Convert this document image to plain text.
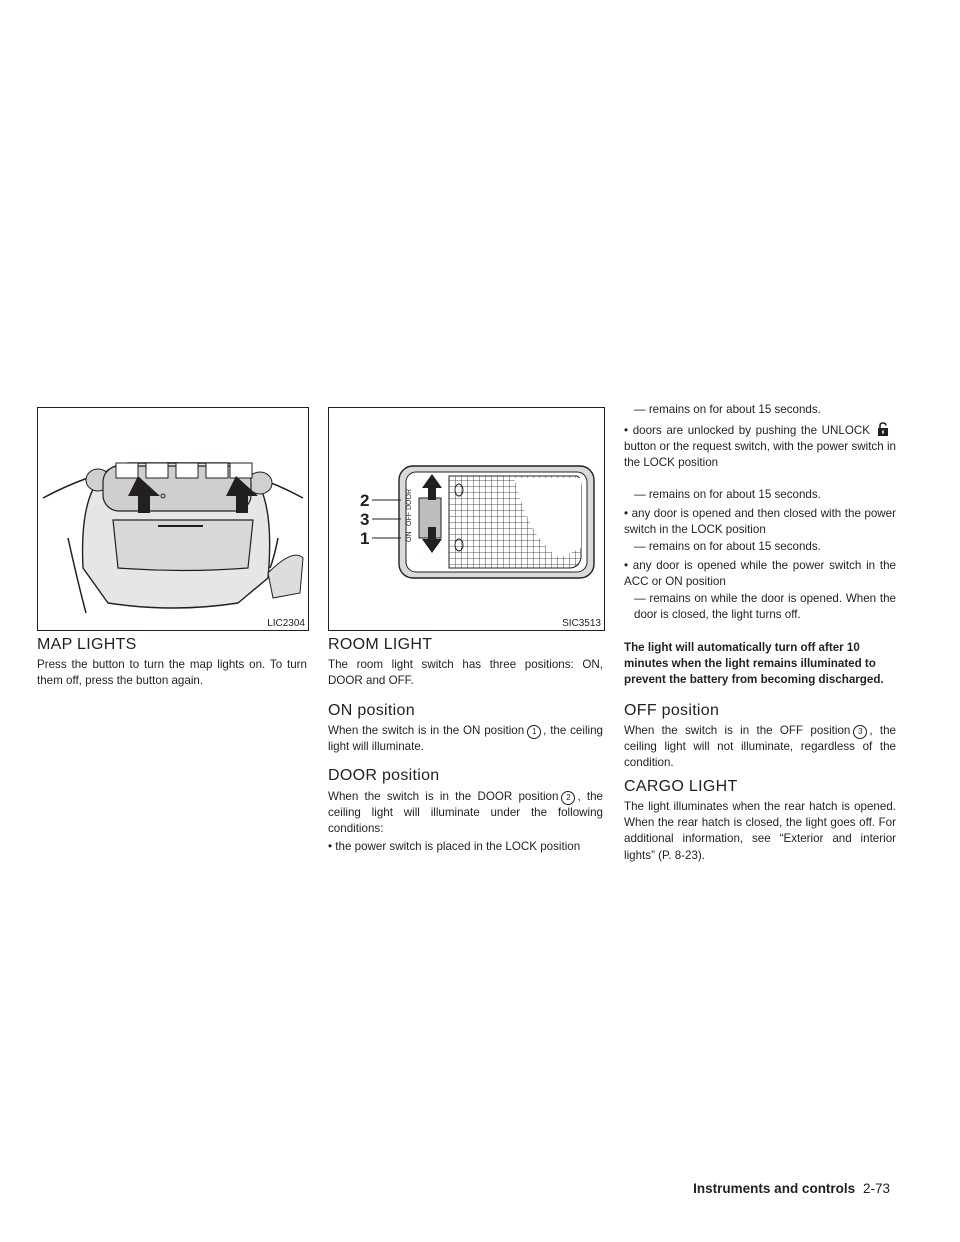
LIC2304
MAP LIGHTS

Press the button to turn the map lights on. To turn them off, press the button again.

2
3
1
DOOR
OFF
ON
SIC3513
ROOM LIGHT

The room light switch has three positions: ON, DOOR and OFF.

ON position

When the switch is in the ON position 1 , the ceiling light will illuminate.

DOOR position

When the switch is in the DOOR position 2 , the ceiling light will illuminate under the following conditions:

• the power switch is placed in the LOCK position

— remains on for about 15 seconds.

• doors are unlocked by pushing the UNLOCKbutton or the request switch, with the power switch in the LOCK position

— remains on for about 15 seconds.

• any door is opened and then closed with the power switch in the LOCK position

— remains on for about 15 seconds.

• any door is opened while the power switch in the ACC or ON position

— remains on while the door is opened. When the door is closed, the light turns off.

The light will automatically turn off after 10 minutes when the light remains illuminated to prevent the battery from becoming discharged.

OFF position

When the switch is in the OFF position 3 , the ceiling light will not illuminate, regardless of the condition.

CARGO LIGHT

The light illuminates when the rear hatch is opened. When the rear hatch is closed, the light goes off. For additional information, see “Exterior and interior lights” (P. 8-23).

Instruments and controls 2-73
